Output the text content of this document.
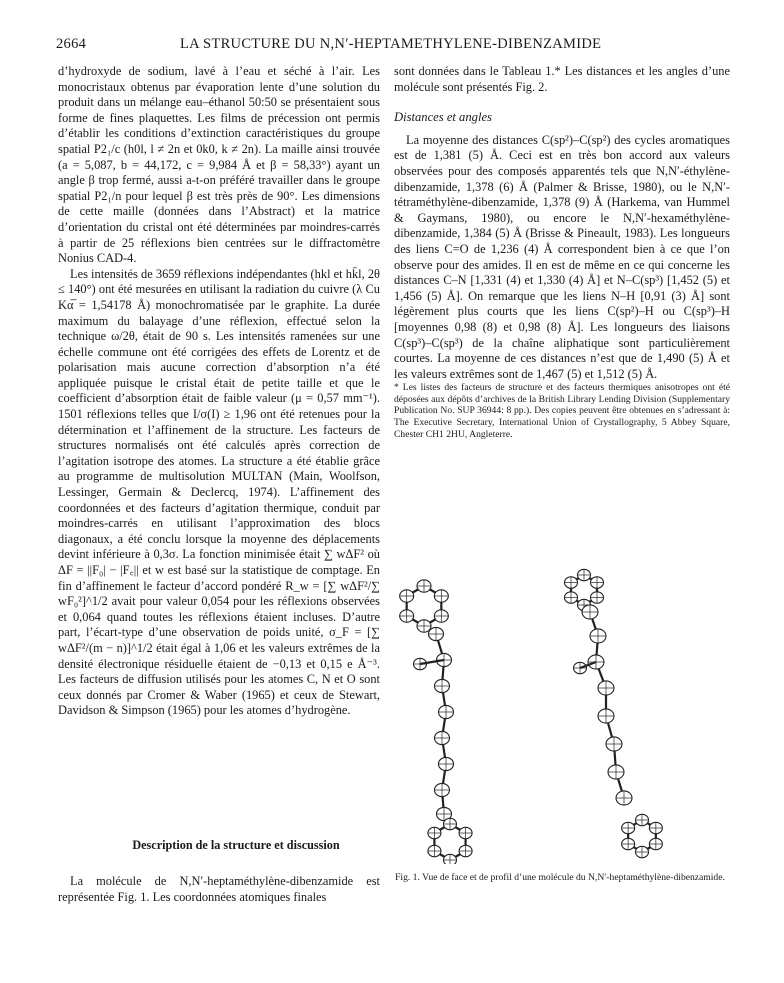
2664	LA STRUCTURE DU N,N′-HEPTAMETHYLENE-DIBENZAMIDE

d’hydroxyde de sodium, lavé à l’eau et séché à l’air. Les monocristaux obtenus par évaporation lente d’une solution du produit dans un mélange eau–éthanol 50:50 se présentaient sous forme de fines plaquettes. Les films de précession ont permis d’établir les conditions d’extinction caractéristiques du groupe spatial P2₁/c (h0l, l ≠ 2n et 0k0, k ≠ 2n). La maille ainsi trouvée (a = 5,087, b = 44,172, c = 9,984 Å et β = 58,33°) ayant un angle β trop fermé, aussi a-t-on préféré travailler dans le groupe spatial P2₁/n pour lequel β est très près de 90°. Les dimensions de cette maille (données dans l’Abstract) et la matrice d’orientation du cristal ont été déterminées par moindres-carrés à partir de 25 réflexions bien centrées sur le diffractomètre Nonius CAD-4.

Les intensités de 3659 réflexions indépendantes (hkl et hk̄l, 2θ ≤ 140°) ont été mesurées en utilisant la radiation du cuivre (λ Cu Kα̅ = 1,54178 Å) monochromatisée par le graphite. La durée maximum du balayage d’une réflexion, effectué selon la technique ω/2θ, était de 90 s. Les intensités ramenées sur une échelle commune ont été corrigées des effets de Lorentz et de polarisation mais aucune correction d’absorption n’a été appliquée puisque le cristal était de petite taille et que le coefficient d’absorption était de faible valeur (μ = 0,57 mm⁻¹). 1501 réflexions telles que I/σ(I) ≥ 1,96 ont été retenues pour la détermination et l’affinement de la structure. Les facteurs de structures normalisés ont été calculés après correction de l’agitation isotrope des atomes. La structure a été établie grâce au programme de multisolution MULTAN (Main, Woolfson, Lessinger, Germain & Declercq, 1974). L’affinement des coordonnées et des facteurs d’agitation thermique, conduit par moindres-carrés en utilisant l’approximation des blocs diagonaux, a été conclu lorsque la moyenne des déplacements devint inférieure à 0,3σ. La fonction minimisée était ∑ wΔF² où ΔF = ||F₀| − |F꜀|| et w est basé sur la statistique de comptage. En fin d’affinement le facteur d’accord pondéré R_w = [∑ wΔF²/∑ wF₀²]^1/2 avait pour valeur 0,054 pour les réflexions observées et 0,064 quand toutes les réflexions étaient incluses. D’autre part, l’écart-type d’une observation de poids unité, σ_F = [∑ wΔF²/(m − n)]^1/2 était égal à 1,06 et les valeurs extrêmes de la densité électronique résiduelle étaient de −0,13 et 0,15 e Å⁻³. Les facteurs de diffusion utilisés pour les atomes C, N et O sont ceux donnés par Cromer & Waber (1965) et ceux de Stewart, Davidson & Simpson (1965) pour les atomes d’hydrogène.

Description de la structure et discussion

La molécule de N,N′-heptaméthylène-dibenzamide est représentée Fig. 1. Les coordonnées atomiques finales

sont données dans le Tableau 1.* Les distances et les angles d’une molécule sont présentés Fig. 2.

Distances et angles

La moyenne des distances C(sp²)–C(sp²) des cycles aromatiques est de 1,381 (5) Å. Ceci est en très bon accord aux valeurs observées pour des composés apparentés tels que N,N′-éthylène-dibenzamide, 1,378 (6) Å (Palmer & Brisse, 1980), ou le N,N′-tétraméthylène-dibenzamide, 1,378 (9) Å (Harkema, van Hummel & Gaymans, 1980), ou encore le N,N′-hexaméthylène-dibenzamide, 1,384 (5) Å (Brisse & Pineault, 1983). Les longueurs des liens C=O de 1,236 (4) Å correspondent bien à ce que l’on observe pour des amides. Il en est de même en ce qui concerne les distances C–N [1,331 (4) et 1,330 (4) Å] et N–C(sp³) [1,452 (5) et 1,456 (5) Å]. On remarque que les liens N–H [0,91 (3) Å] sont légèrement plus courts que les liens C(sp²)–H ou C(sp³)–H [moyennes 0,98 (8) et 0,98 (8) Å]. Les longueurs des liaisons C(sp³)–C(sp³) de la chaîne aliphatique sont particulièrement courtes. La moyenne de ces distances n’est que de 1,490 (5) Å et les valeurs extrêmes sont de 1,467 (5) et 1,512 (5) Å.

* Les listes des facteurs de structure et des facteurs thermiques anisotropes ont été déposées aux dépôts d’archives de la British Library Lending Division (Supplementary Publication No. SUP 36944: 8 pp.). Des copies peuvent être obtenues en s’adressant à: The Executive Secretary, International Union of Crystallography, 5 Abbey Square, Chester CH1 2HU, Angleterre.

Fig. 1. Vue de face et de profil d’une molécule du N,N′-heptaméthylène-dibenzamide.
